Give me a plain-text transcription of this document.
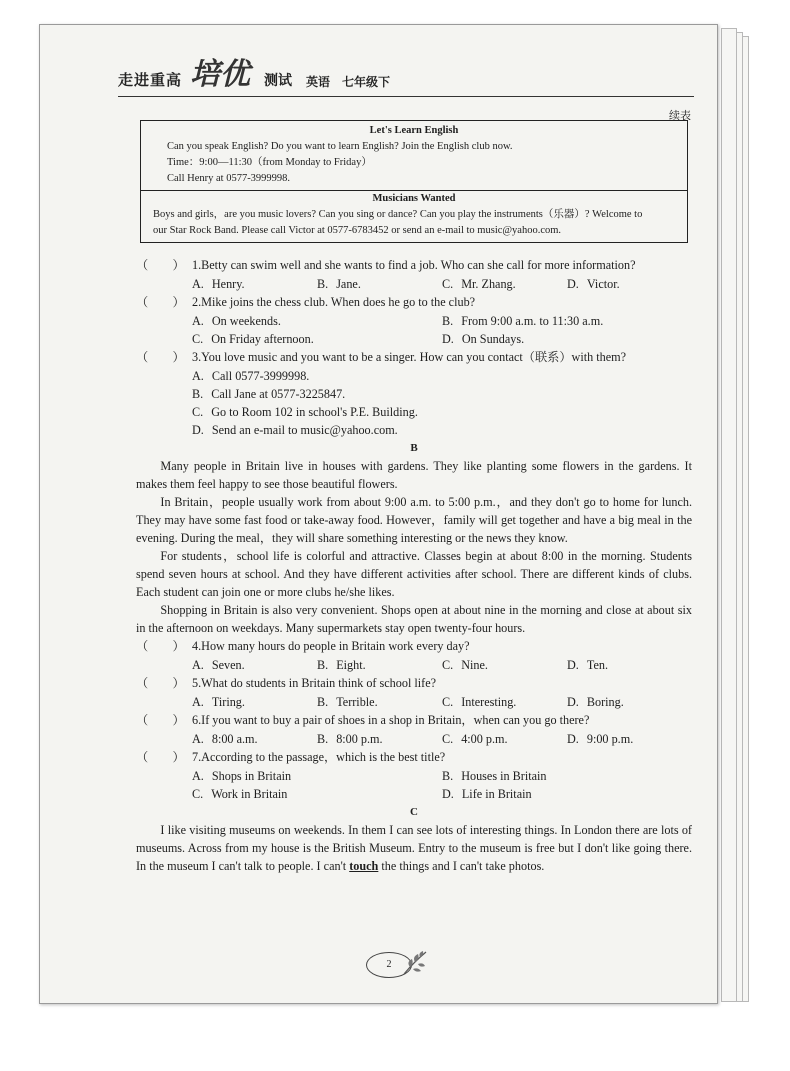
走进重高 培优 测试 英语 七年级下
续表
Let's Learn English
Can you speak English? Do you want to learn English? Join the English club now.
Time：9:00—11:30（from Monday to Friday）
Call Henry at 0577-3999998.
Musicians Wanted
Boys and girls，are you music lovers? Can you sing or dance? Can you play the instruments（乐器）? Welcome to
our Star Rock Band. Please call Victor at 0577-6783452 or send an e-mail to music@yahoo.com.
（　　） 1.Betty can swim well and she wants to find a job. Who can she call for more information?
A. Henry.	B. Jane.	C. Mr. Zhang.	D. Victor.
（　　） 2.Mike joins the chess club. When does he go to the club?
A. On weekends.	B. From 9:00 a.m. to 11:30 a.m.
C. On Friday afternoon.	D. On Sundays.
（　　） 3.You love music and you want to be a singer. How can you contact（联系）with them?
A. Call 0577-3999998.
B. Call Jane at 0577-3225847.
C. Go to Room 102 in school's P.E. Building.
D. Send an e-mail to music@yahoo.com.
B
Many people in Britain live in houses with gardens. They like planting some flowers in the gardens. It makes them feel happy to see those beautiful flowers.
In Britain，people usually work from about 9:00 a.m. to 5:00 p.m.，and they don't go to home for lunch. They may have some fast food or take-away food. However，family will get together and have a big meal in the evening. During the meal，they will share something interesting or the news they know.
For students，school life is colorful and attractive. Classes begin at about 8:00 in the morning. Students spend seven hours at school. And they have different activities after school. There are different kinds of clubs. Each student can join one or more clubs he/she likes.
Shopping in Britain is also very convenient. Shops open at about nine in the morning and close at about six in the afternoon on weekdays. Many supermarkets stay open twenty-four hours.
（　　） 4.How many hours do people in Britain work every day?
A. Seven.	B. Eight.	C. Nine.	D. Ten.
（　　） 5.What do students in Britain think of school life?
A. Tiring.	B. Terrible.	C. Interesting.	D. Boring.
（　　） 6.If you want to buy a pair of shoes in a shop in Britain，when can you go there?
A. 8:00 a.m.	B. 8:00 p.m.	C. 4:00 p.m.	D. 9:00 p.m.
（　　） 7.According to the passage，which is the best title?
A. Shops in Britain	B. Houses in Britain
C. Work in Britain	D. Life in Britain
C
I like visiting museums on weekends. In them I can see lots of interesting things. In London there are lots of museums. Across from my house is the British Museum. Entry to the museum is free but I don't like going there. In the museum I can't talk to people. I can't touch the things and I can't take photos.
2
